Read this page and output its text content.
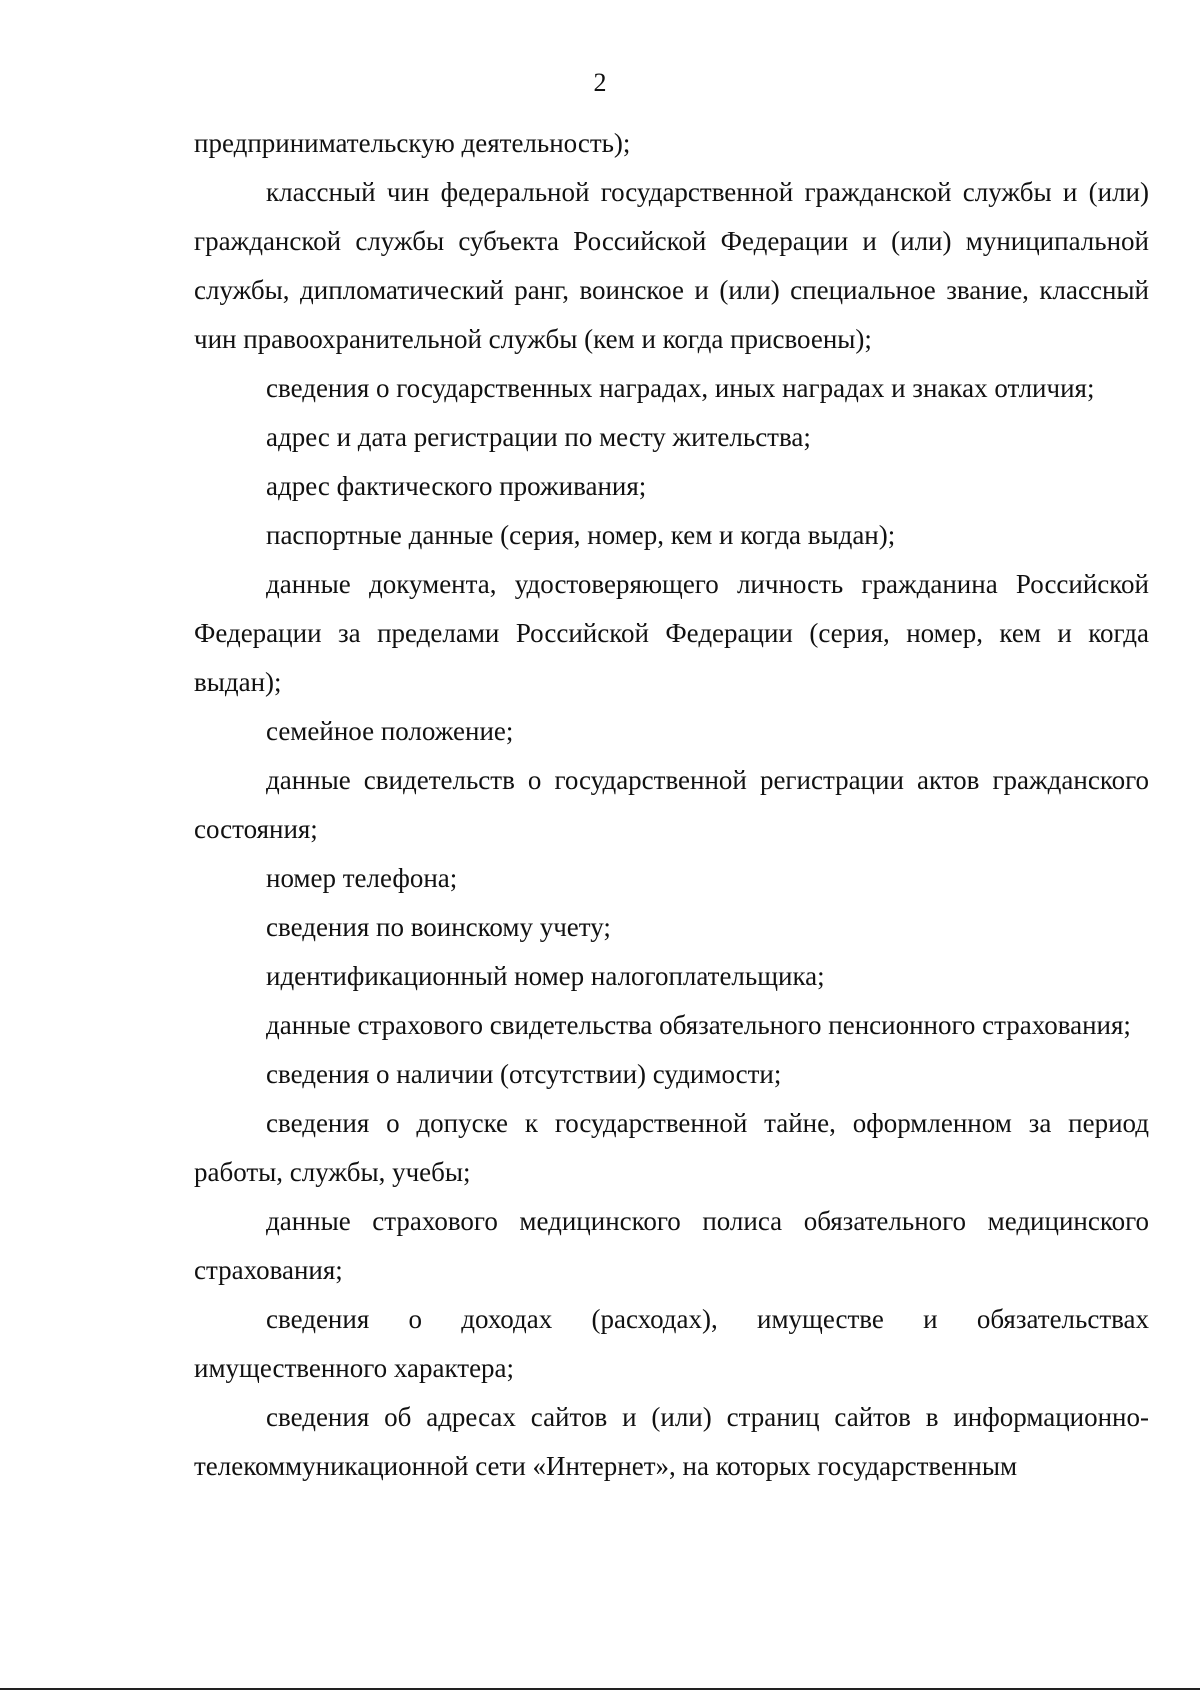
2

предпринимательскую деятельность);

классный чин федеральной государственной гражданской службы и (или) гражданской службы субъекта Российской Федерации и (или) муниципальной службы, дипломатический ранг, воинское и (или) специальное звание, классный чин правоохранительной службы (кем и когда присвоены);

сведения о государственных наградах, иных наградах и знаках отличия;

адрес и дата регистрации по месту жительства;

адрес фактического проживания;

паспортные данные (серия, номер, кем и когда выдан);

данные документа, удостоверяющего личность гражданина Российской Федерации за пределами Российской Федерации (серия, номер, кем и когда выдан);

семейное положение;

данные свидетельств о государственной регистрации актов гражданского состояния;

номер телефона;

сведения по воинскому учету;

идентификационный номер налогоплательщика;

данные страхового свидетельства обязательного пенсионного страхования;

сведения о наличии (отсутствии) судимости;

сведения о допуске к государственной тайне, оформленном за период работы, службы, учебы;

данные страхового медицинского полиса обязательного медицинского страхования;

сведения о доходах (расходах), имуществе и обязательствах имущественного характера;

сведения об адресах сайтов и (или) страниц сайтов в информационно-телекоммуникационной сети «Интернет», на которых государственным
